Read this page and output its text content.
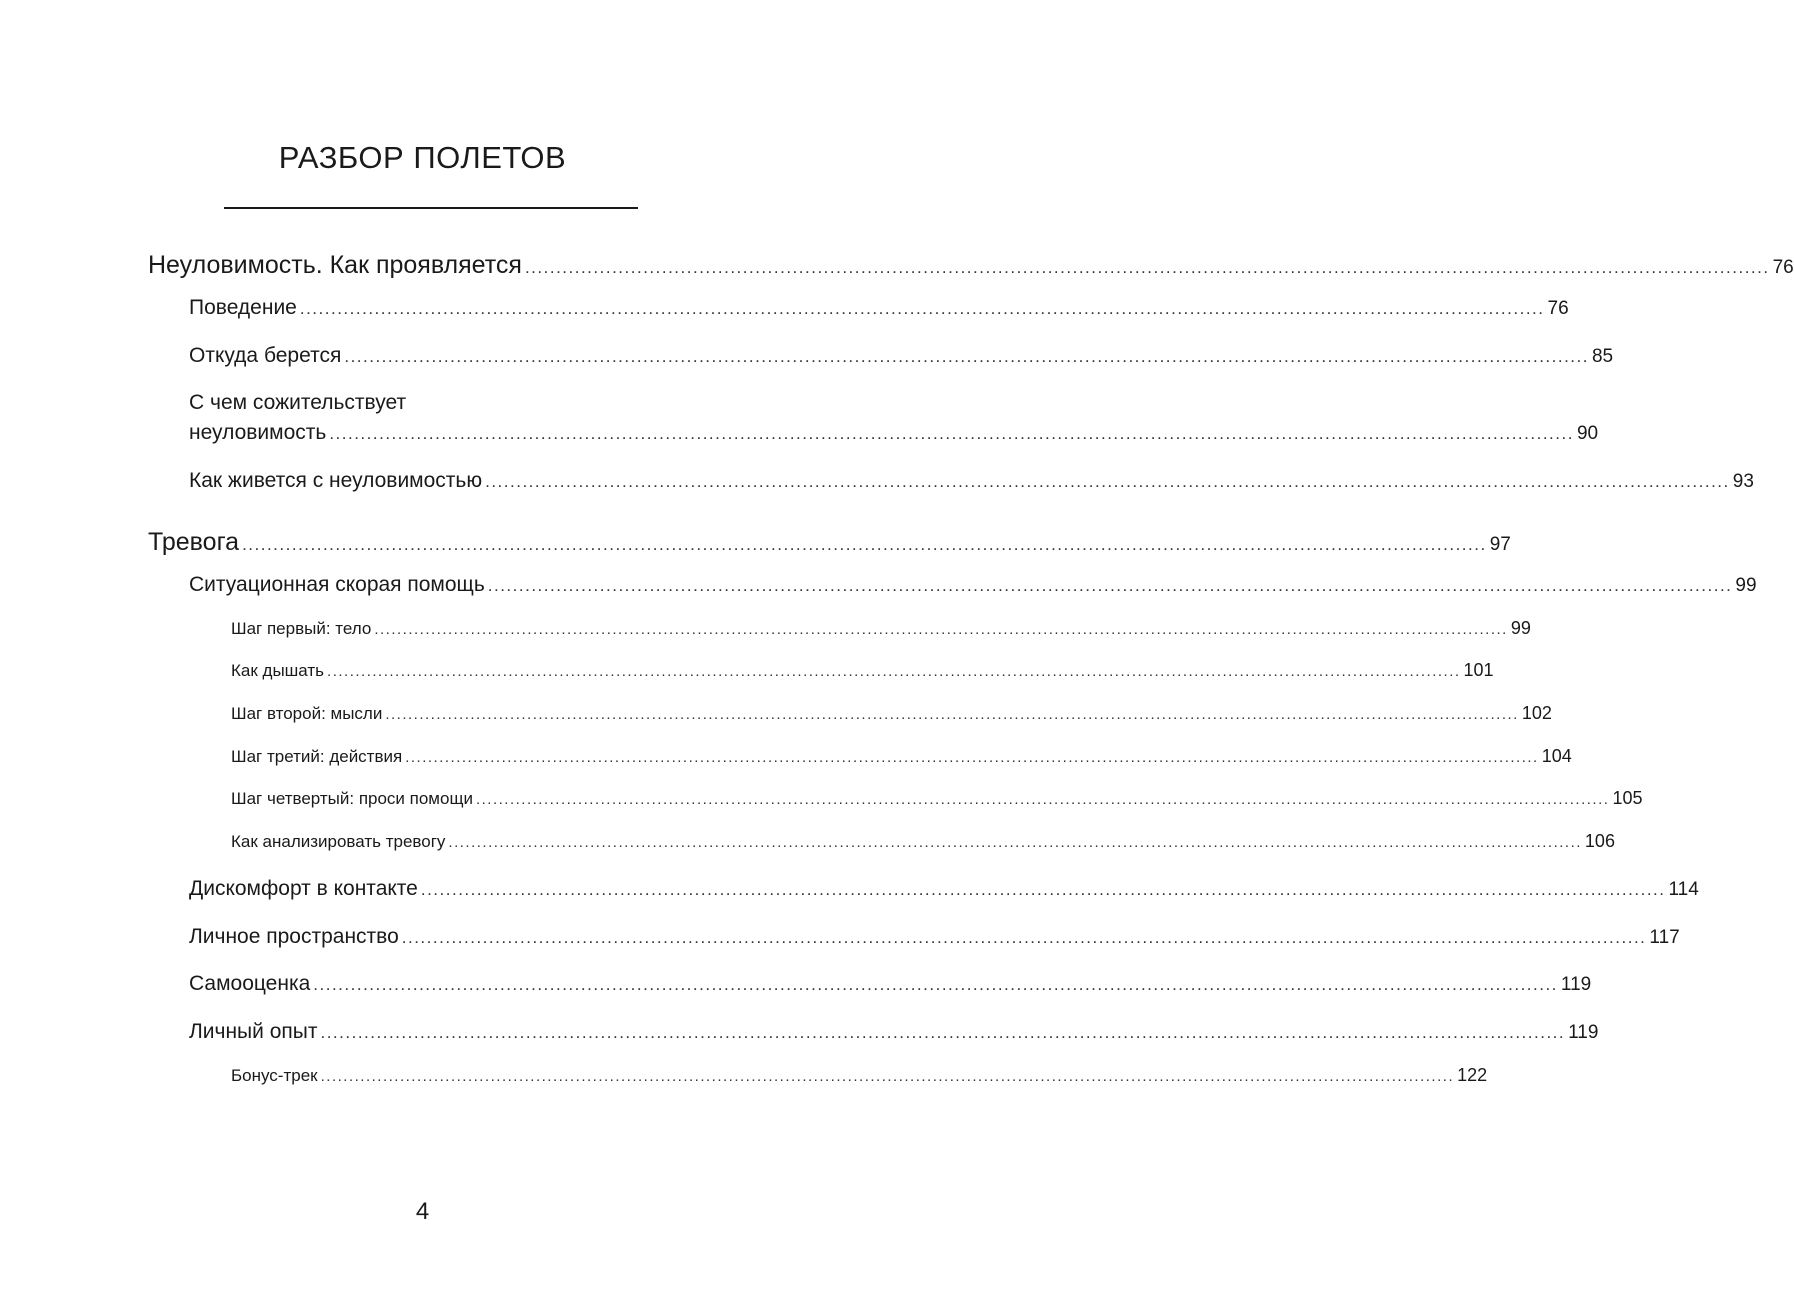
РАЗБОР ПОЛЕТОВ
Неуловимость. Как проявляется ........................................................................................................................................................................................................ 76
Поведение ........................................................................................................................................................................................................ 76
Откуда берется ........................................................................................................................................................................................................ 85
С чем сожительствует
неуловимость ........................................................................................................................................................................................................ 90
Как живется с неуловимостью ........................................................................................................................................................................................................ 93
Тревога ........................................................................................................................................................................................................ 97
Ситуационная скорая помощь ........................................................................................................................................................................................................ 99
Шаг первый: тело ........................................................................................................................................................................................................ 99
Как дышать ........................................................................................................................................................................................................ 101
Шаг второй: мысли ........................................................................................................................................................................................................ 102
Шаг третий: действия ........................................................................................................................................................................................................ 104
Шаг четвертый: проси помощи ........................................................................................................................................................................................................ 105
Как анализировать тревогу ........................................................................................................................................................................................................ 106
Дискомфорт в контакте ........................................................................................................................................................................................................ 114
Личное пространство ........................................................................................................................................................................................................ 117
Самооценка ........................................................................................................................................................................................................ 119
Личный опыт ........................................................................................................................................................................................................ 119
Бонус-трек ........................................................................................................................................................................................................ 122
4
